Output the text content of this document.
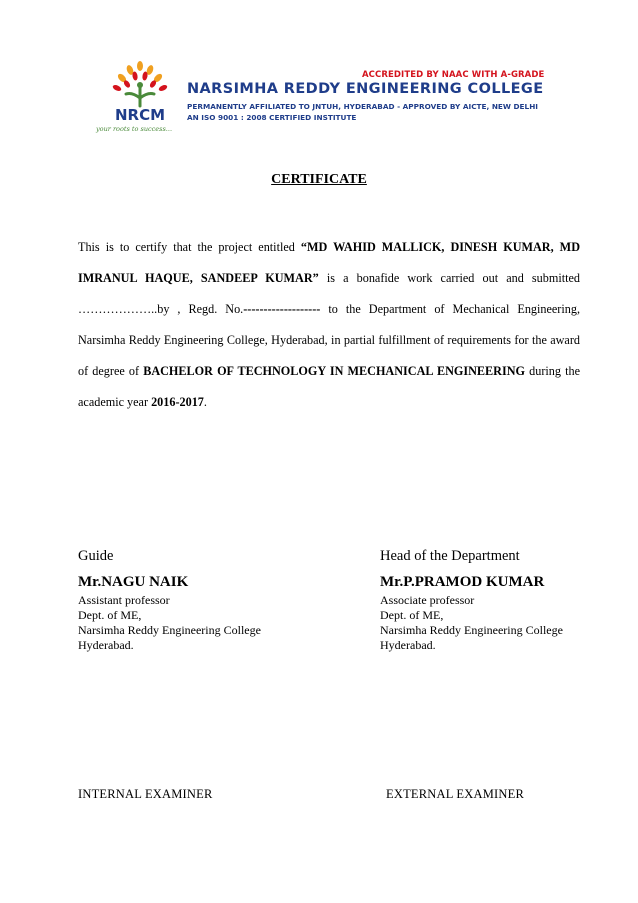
NRCM
your roots to success...
ACCREDITED BY NAAC WITH A-GRADE
NARSIMHA REDDY ENGINEERING COLLEGE
PERMANENTLY AFFILIATED TO JNTUH, HYDERABAD - APPROVED BY AICTE, NEW DELHI
AN ISO 9001 : 2008 CERTIFIED INSTITUTE
CERTIFICATE

This is to certify that the project entitled “MD WAHID MALLICK, DINESH KUMAR, MD IMRANUL HAQUE, SANDEEP KUMAR” is a bonafide work carried out and submitted ………………..by , Regd. No.------------------- to the Department of Mechanical Engineering, Narsimha Reddy Engineering College, Hyderabad, in partial fulfillment of requirements for the award of degree of BACHELOR OF TECHNOLOGY IN MECHANICAL ENGINEERING during the academic year 2016-2017.

Guide
Mr.NAGU NAIK
Assistant professor
Dept. of ME,
Narsimha Reddy Engineering College
Hyderabad.
Head of the Department
Mr.P.PRAMOD KUMAR
Associate professor
Dept. of ME,
Narsimha Reddy Engineering College
Hyderabad.
INTERNAL EXAMINER	EXTERNAL EXAMINER
